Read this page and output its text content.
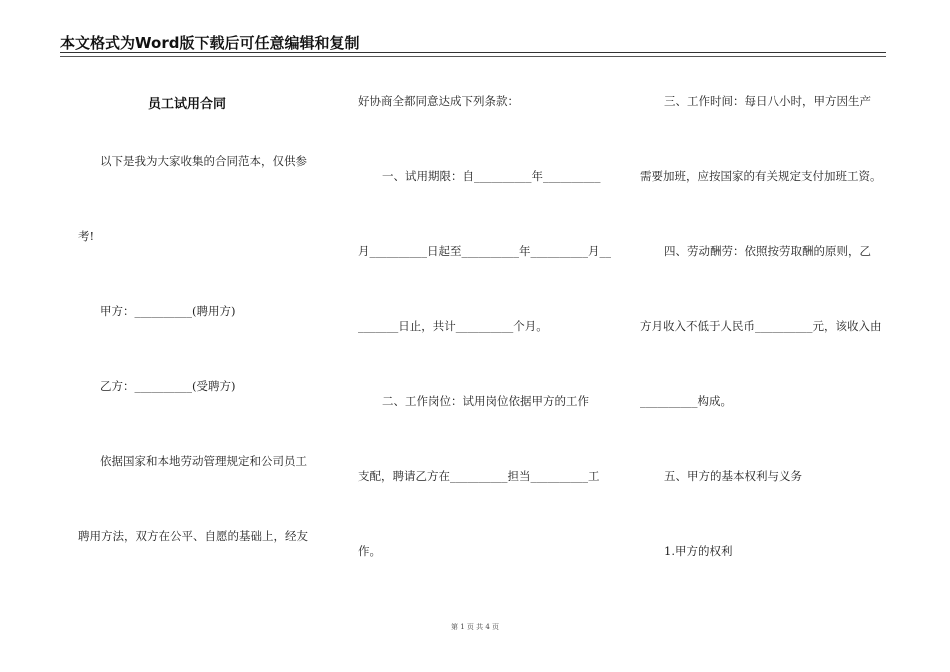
本文格式为Word版下载后可任意编辑和复制
员工试用合同
以下是我为大家收集的合同范本，仅供参
考!
甲方：__________(聘用方)
乙方：__________(受聘方)
依据国家和本地劳动管理规定和公司员工
聘用方法，双方在公平、自愿的基础上，经友
好协商全都同意达成下列条款：
一、试用期限：自__________年__________
月__________日起至__________年__________月__
_______日止，共计__________个月。
二、工作岗位：试用岗位依据甲方的工作
支配，聘请乙方在__________担当__________工
作。
三、工作时间：每日八小时，甲方因生产
需要加班，应按国家的有关规定支付加班工资。
四、劳动酬劳：依照按劳取酬的原则，乙
方月收入不低于人民币__________元，该收入由
__________构成。
五、甲方的基本权利与义务
1.甲方的权利
第 1 页 共 4 页
